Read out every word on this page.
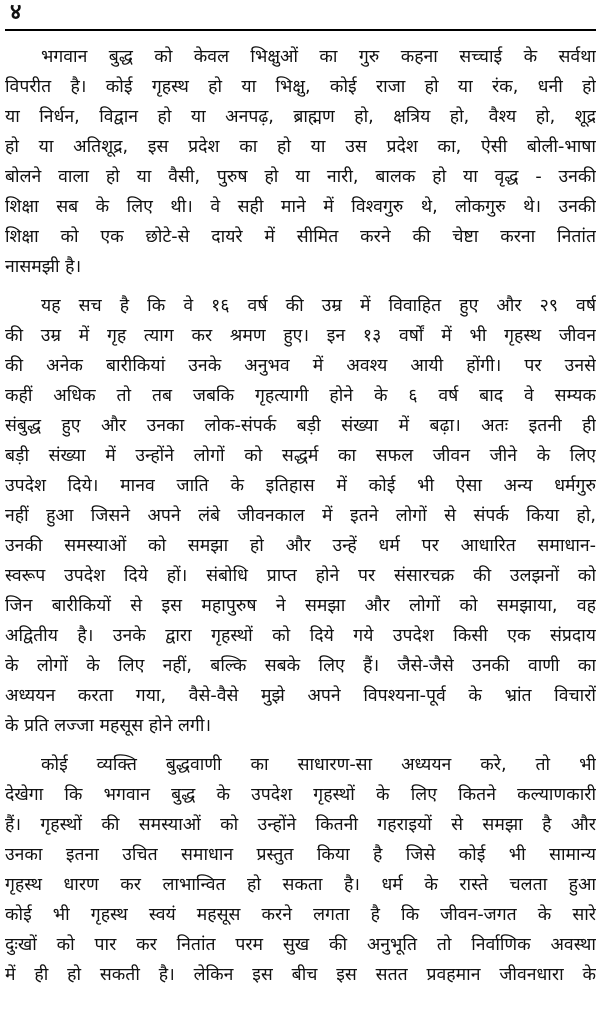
४

भगवान बुद्ध को केवल भिक्षुओं का गुरु कहना सच्चाई के सर्वथा
विपरीत है। कोई गृहस्थ हो या भिक्षु, कोई राजा हो या रंक, धनी हो
या निर्धन, विद्वान हो या अनपढ़, ब्राह्मण हो, क्षत्रिय हो, वैश्य हो, शूद्र
हो या अतिशूद्र, इस प्रदेश का हो या उस प्रदेश का, ऐसी बोली-भाषा
बोलने वाला हो या वैसी, पुरुष हो या नारी, बालक हो या वृद्ध - उनकी
शिक्षा सब के लिए थी। वे सही माने में विश्वगुरु थे, लोकगुरु थे। उनकी
शिक्षा को एक छोटे-से दायरे में सीमित करने की चेष्टा करना नितांत
नासमझी है।

यह सच है कि वे १६ वर्ष की उम्र में विवाहित हुए और २९ वर्ष
की उम्र में गृह त्याग कर श्रमण हुए। इन १३ वर्षों में भी गृहस्थ जीवन
की अनेक बारीकियां उनके अनुभव में अवश्य आयी होंगी। पर उनसे
कहीं अधिक तो तब जबकि गृहत्यागी होने के ६ वर्ष बाद वे सम्यक
संबुद्ध हुए और उनका लोक-संपर्क बड़ी संख्या में बढ़ा। अतः इतनी ही
बड़ी संख्या में उन्होंने लोगों को सद्धर्म का सफल जीवन जीने के लिए
उपदेश दिये। मानव जाति के इतिहास में कोई भी ऐसा अन्य धर्मगुरु
नहीं हुआ जिसने अपने लंबे जीवनकाल में इतने लोगों से संपर्क किया हो,
उनकी समस्याओं को समझा हो और उन्हें धर्म पर आधारित समाधान-
स्वरूप उपदेश दिये हों। संबोधि प्राप्त होने पर संसारचक्र की उलझनों को
जिन बारीकियों से इस महापुरुष ने समझा और लोगों को समझाया, वह
अद्वितीय है। उनके द्वारा गृहस्थों को दिये गये उपदेश किसी एक संप्रदाय
के लोगों के लिए नहीं, बल्कि सबके लिए हैं। जैसे-जैसे उनकी वाणी का
अध्ययन करता गया, वैसे-वैसे मुझे अपने विपश्यना-पूर्व के भ्रांत विचारों
के प्रति लज्जा महसूस होने लगी।

कोई व्यक्ति बुद्धवाणी का साधारण-सा अध्ययन करे, तो भी
देखेगा कि भगवान बुद्ध के उपदेश गृहस्थों के लिए कितने कल्याणकारी
हैं। गृहस्थों की समस्याओं को उन्होंने कितनी गहराइयों से समझा है और
उनका इतना उचित समाधान प्रस्तुत किया है जिसे कोई भी सामान्य
गृहस्थ धारण कर लाभान्वित हो सकता है। धर्म के रास्ते चलता हुआ
कोई भी गृहस्थ स्वयं महसूस करने लगता है कि जीवन-जगत के सारे
दुःखों को पार कर नितांत परम सुख की अनुभूति तो निर्वाणिक अवस्था
में ही हो सकती है। लेकिन इस बीच इस सतत प्रवहमान जीवनधारा के
